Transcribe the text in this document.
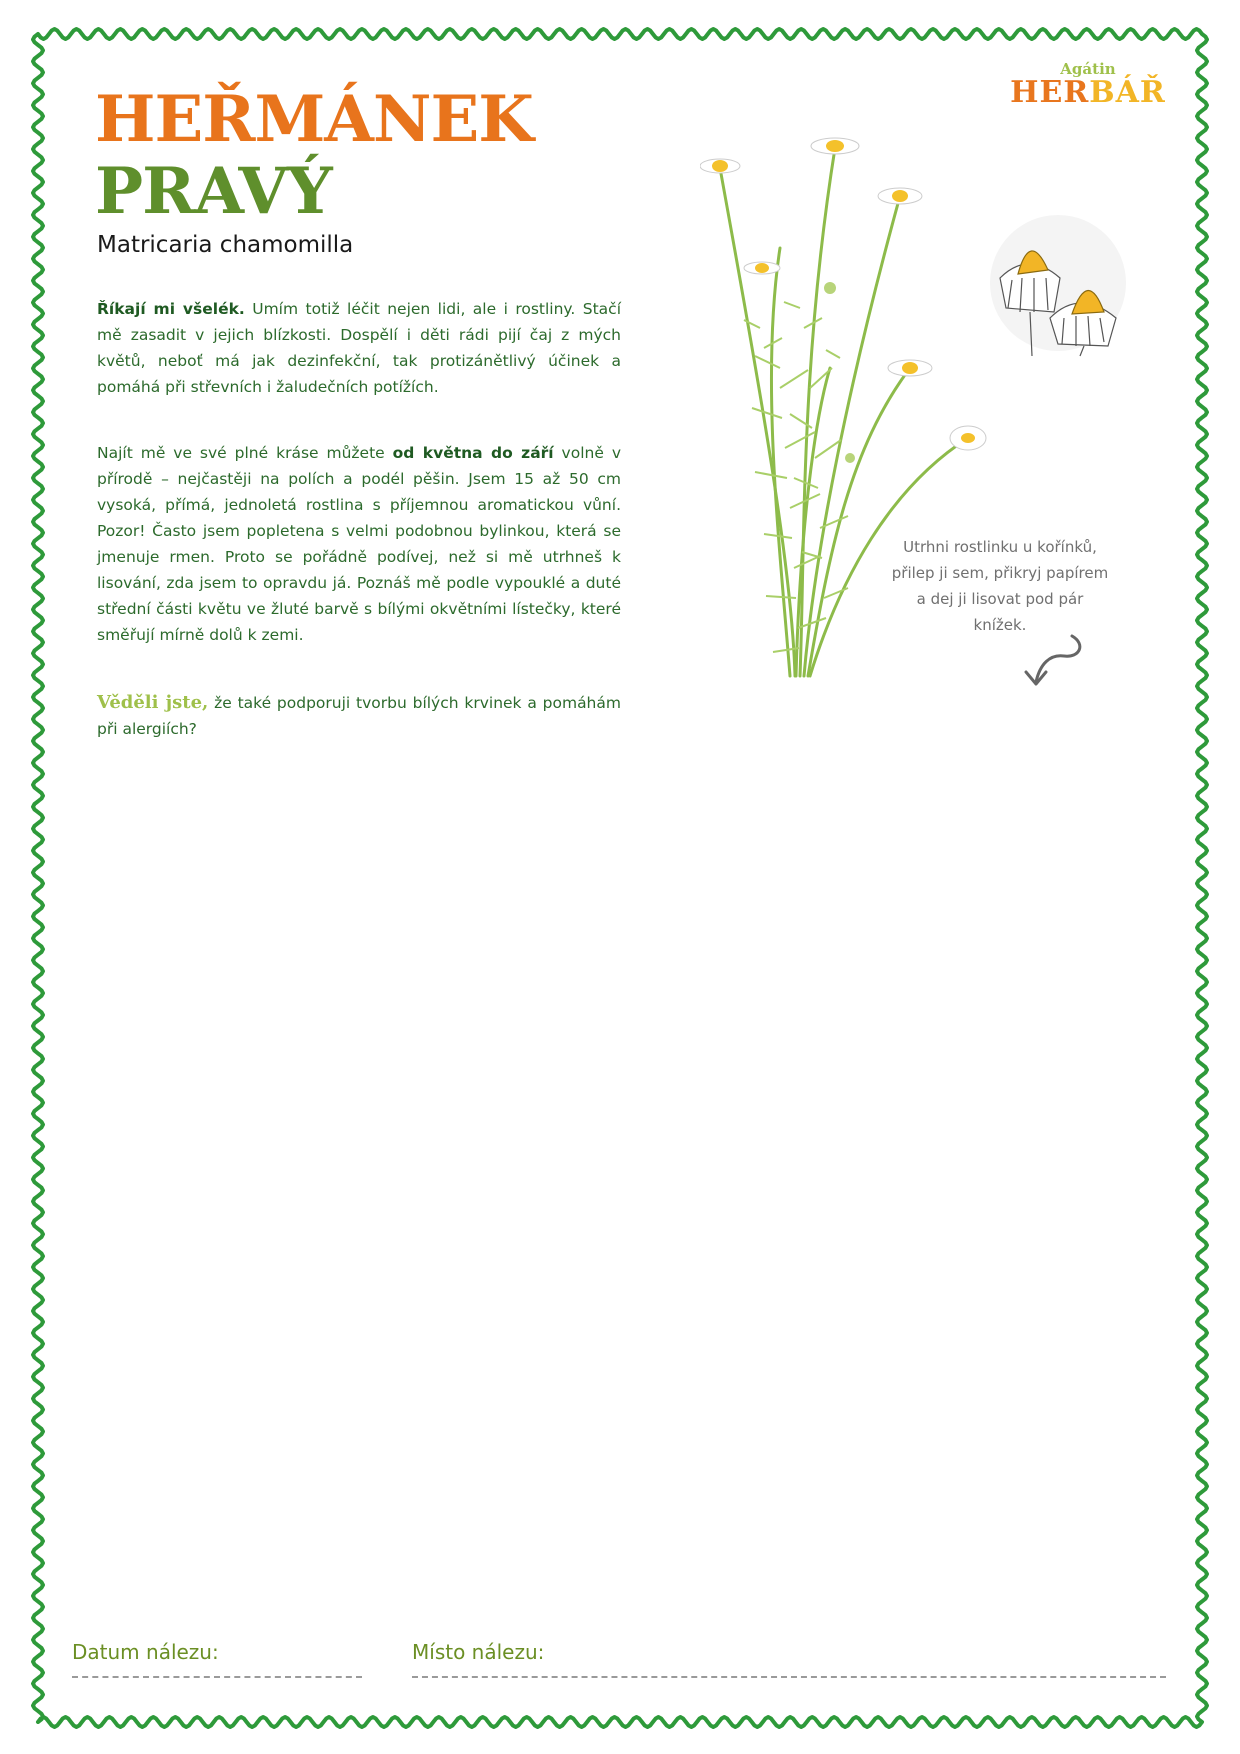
Agátin
HERBÁŘ
HEŘMÁNEK
PRAVÝ
Matricaria chamomilla

Říkají mi všelék. Umím totiž léčit nejen lidi, ale i rostliny. Stačí mě zasadit v jejich blízkosti. Dospělí i děti rádi pijí čaj z mých květů, neboť má jak dezinfekční, tak protizánětlivý účinek a pomáhá při střevních i žaludečních potížích.

Najít mě ve své plné kráse můžete od května do září volně v přírodě – nejčastěji na polích a podél pěšin. Jsem 15 až 50 cm vysoká, přímá, jednoletá rostlina s příjemnou aromatickou vůní. Pozor! Často jsem popletena s velmi podobnou bylinkou, která se jmenuje rmen. Proto se pořádně podívej, než si mě utrhneš k lisování, zda jsem to opravdu já. Poznáš mě podle vypouklé a duté střední části květu ve žluté barvě s bílými okvětními lístečky, které směřují mírně dolů k zemi.

Věděli jste, že také podporuji tvorbu bílých krvinek a pomáhám při alergiích?

Utrhni rostlinku u kořínků,
přilep ji sem, přikryj papírem
a dej ji lisovat pod pár
knížek.
Datum nálezu:	Místo nálezu:
